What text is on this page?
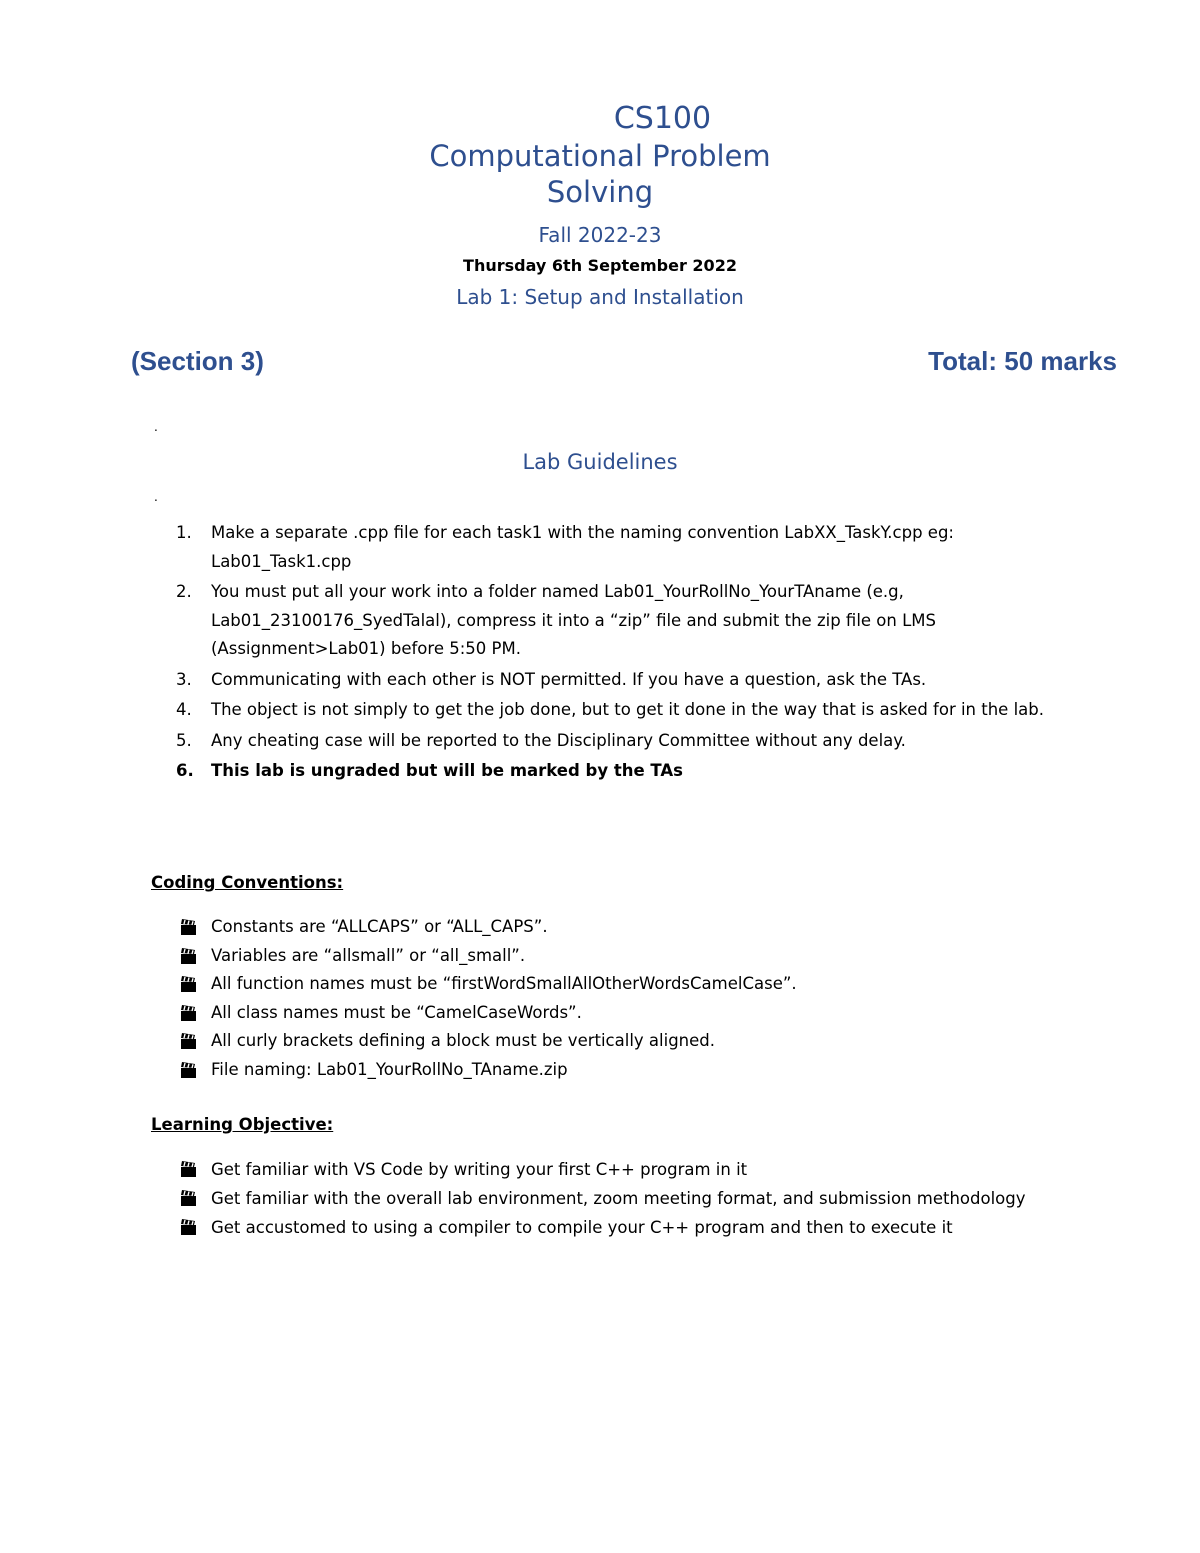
CS100
Computational Problem
Solving
Fall 2022-23
Thursday 6th September 2022
Lab 1: Setup and Installation
(Section 3)	Total: 50 marks
.
Lab Guidelines
.
1. Make a separate .cpp file for each task1 with the naming convention LabXX_TaskY.cpp eg: Lab01_Task1.cpp
2. You must put all your work into a folder named Lab01_YourRollNo_YourTAname (e.g, Lab01_23100176_SyedTalal), compress it into a “zip” file and submit the zip file on LMS (Assignment>Lab01) before 5:50 PM.
3. Communicating with each other is NOT permitted. If you have a question, ask the TAs.
4. The object is not simply to get the job done, but to get it done in the way that is asked for in the lab.
5. Any cheating case will be reported to the Disciplinary Committee without any delay.
6. This lab is ungraded but will be marked by the TAs
Coding Conventions:
Constants are “ALLCAPS” or “ALL_CAPS”.
Variables are “allsmall” or “all_small”.
All function names must be “firstWordSmallAllOtherWordsCamelCase”.
All class names must be “CamelCaseWords”.
All curly brackets defining a block must be vertically aligned.
File naming: Lab01_YourRollNo_TAname.zip
Learning Objective:
Get familiar with VS Code by writing your first C++ program in it
Get familiar with the overall lab environment, zoom meeting format, and submission methodology
Get accustomed to using a compiler to compile your C++ program and then to execute it
